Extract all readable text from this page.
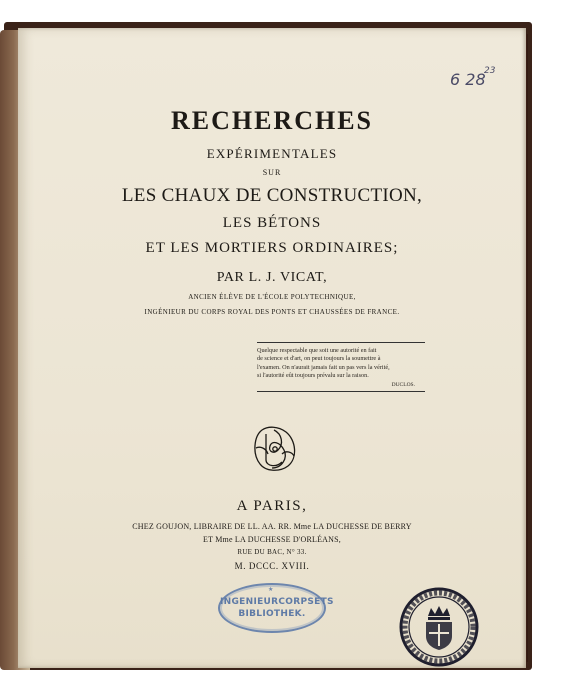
23
6 28
RECHERCHES
EXPÉRIMENTALES
SUR
LES CHAUX DE CONSTRUCTION,
LES BÉTONS
ET LES MORTIERS ORDINAIRES;
PAR L. J. VICAT,
ANCIEN ÉLÈVE DE L'ÉCOLE POLYTECHNIQUE,
INGÉNIEUR DU CORPS ROYAL DES PONTS ET CHAUSSÉES DE FRANCE.
Quelque respectable que soit une autorité en fait
de science et d'art, on peut toujours la soumettre à
l'examen. On n'aurait jamais fait un pas vers la vérité,
si l'autorité eût toujours prévalu sur la raison.
DUCLOS.
A PARIS,
CHEZ GOUJON, LIBRAIRE DE LL. AA. RR. Mme LA DUCHESSE DE BERRY
ET Mme LA DUCHESSE D'ORLÉANS,
RUE DU BAC, N° 33.
M. DCCC. XVIII.
★
INGENIEURCORPSETS
BIBLIOTHEK.
